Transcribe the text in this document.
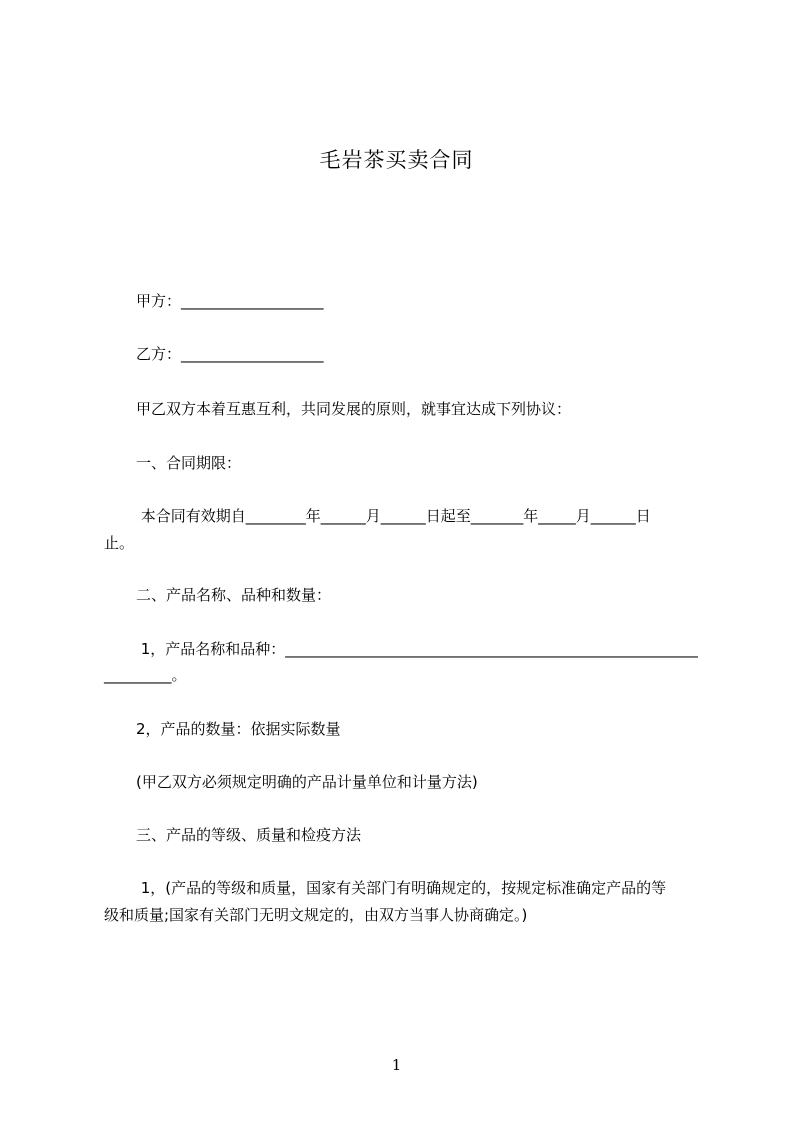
毛岩茶买卖合同
甲方：___________________
乙方：___________________
甲乙双方本着互惠互利，共同发展的原则，就事宜达成下列协议：
一、合同期限：
本合同有效期自________年______月______日起至_______年_____月______日
止。
二、产品名称、品种和数量：
1，产品名称和品种：_______________________________________________________
_________。
2，产品的数量：依据实际数量
(甲乙双方必须规定明确的产品计量单位和计量方法)
三、产品的等级、质量和检疫方法
1，(产品的等级和质量，国家有关部门有明确规定的，按规定标准确定产品的等
级和质量;国家有关部门无明文规定的，由双方当事人协商确定。)
1
